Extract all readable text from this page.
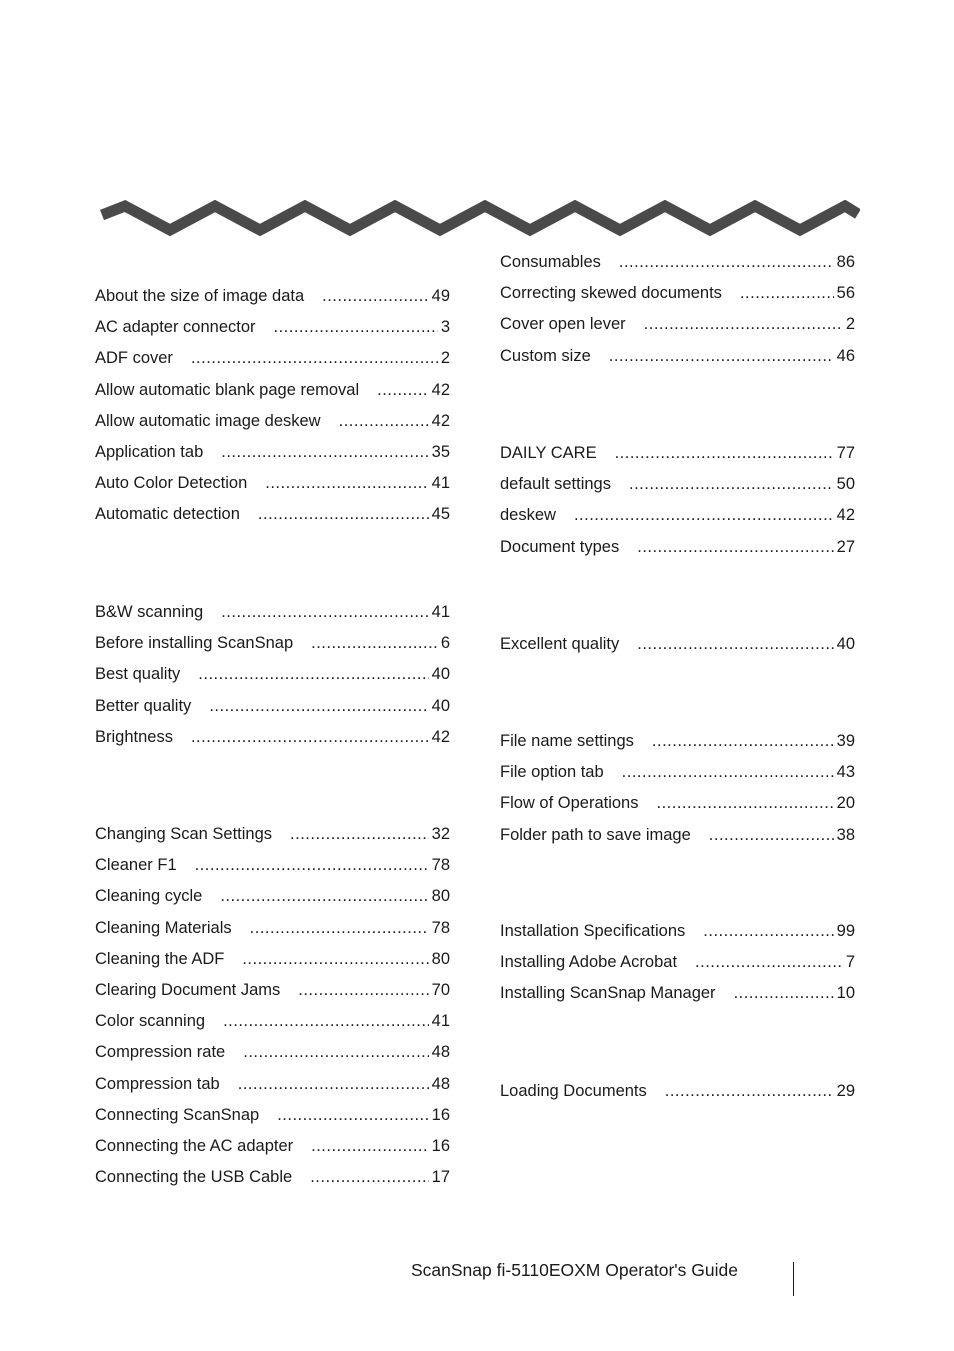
About the size of image data .....	49
AC adapter connector .....	3
ADF cover .....	2
Allow automatic blank page removal .....	42
Allow automatic image deskew .....	42
Application tab .....	35
Auto Color Detection .....	41
Automatic detection .....	45
B&W scanning .....	41
Before installing ScanSnap .....	6
Best quality .....	40
Better quality .....	40
Brightness .....	42
Changing Scan Settings .....	32
Cleaner F1 .....	78
Cleaning cycle .....	80
Cleaning Materials .....	78
Cleaning the ADF .....	80
Clearing Document Jams .....	70
Color scanning .....	41
Compression rate .....	48
Compression tab .....	48
Connecting ScanSnap .....	16
Connecting the AC adapter .....	16
Connecting the USB Cable .....	17
Consumables .....	86
Correcting skewed documents .....	56
Cover open lever .....	2
Custom size .....	46
DAILY CARE .....	77
default settings .....	50
deskew .....	42
Document types .....	27
Excellent quality .....	40
File name settings .....	39
File option tab .....	43
Flow of Operations .....	20
Folder path to save image .....	38
Installation Specifications .....	99
Installing Adobe Acrobat .....	7
Installing ScanSnap Manager .....	10
Loading Documents .....	29
ScanSnap fi-5110EOXM Operator's Guide
